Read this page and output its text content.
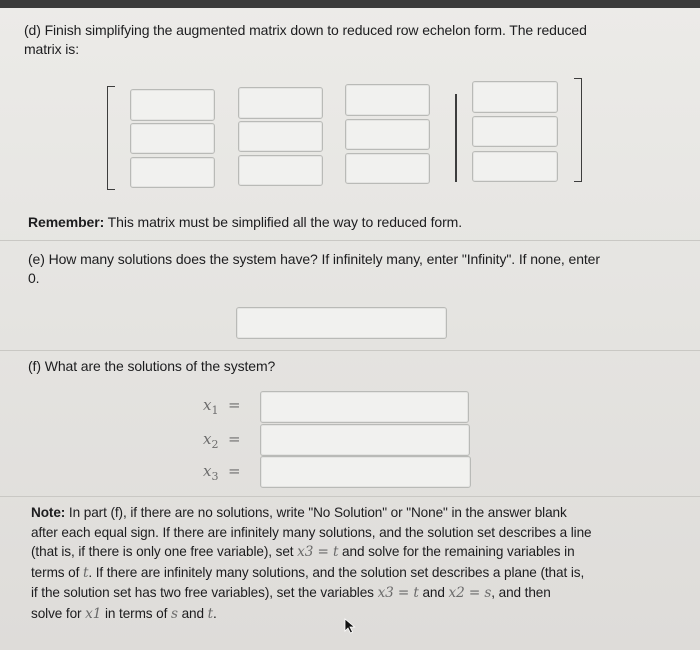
(d) Finish simplifying the augmented matrix down to reduced row echelon form. The reduced
matrix is:
Remember: This matrix must be simplified all the way to reduced form.
(e) How many solutions does the system have? If infinitely many, enter "Infinity". If none, enter
0.
(f) What are the solutions of the system?
$x_1$ =
$x_2$ =
$x_3$ =
Note: In part (f), if there are no solutions, write "No Solution" or "None" in the answer blank
after each equal sign. If there are infinitely many solutions, and the solution set describes a line
(that is, if there is only one free variable), set x3 = t and solve for the remaining variables in
terms of t. If there are infinitely many solutions, and the solution set describes a plane (that is,
if the solution set has two free variables), set the variables x3 = t and x2 = s, and then
solve for x1 in terms of s and t.
